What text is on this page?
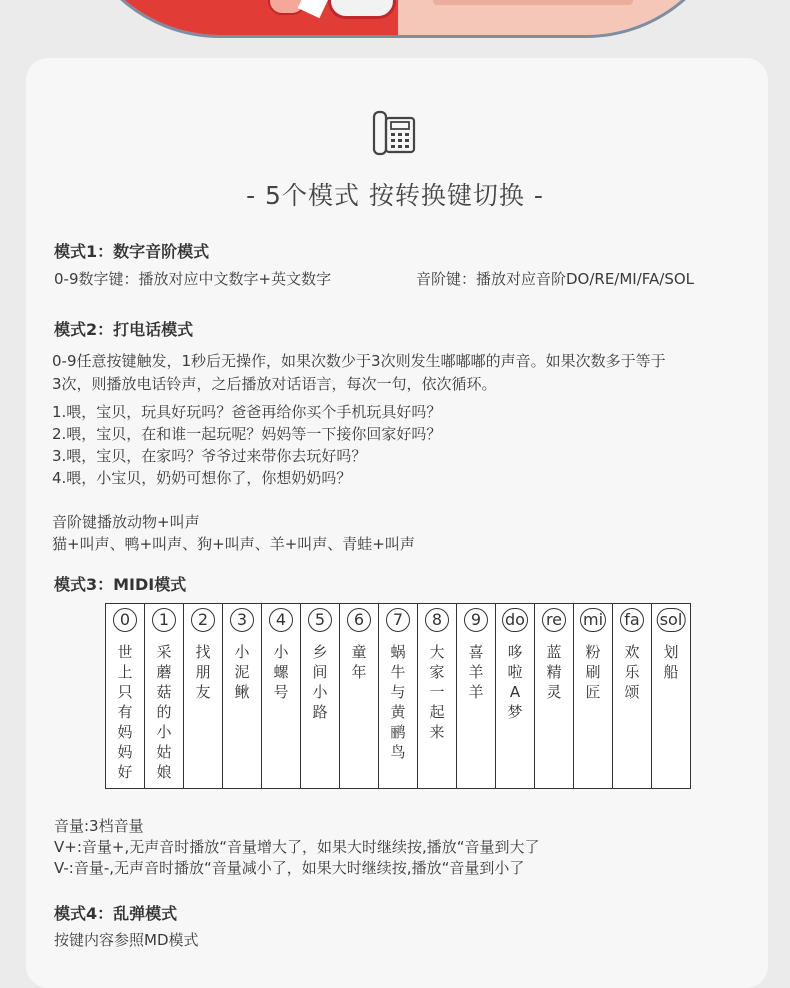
- 5个模式 按转换键切换 -
模式1：数字音阶模式
0-9数字键：播放对应中文数字+英文数字	音阶键：播放对应音阶DO/RE/MI/FA/SOL
模式2：打电话模式
0-9任意按键触发，1秒后无操作，如果次数少于3次则发生嘟嘟嘟的声音。如果次数多于等于
3次，则播放电话铃声，之后播放对话语言，每次一句，依次循环。
1.喂，宝贝，玩具好玩吗？爸爸再给你买个手机玩具好吗？
2.喂，宝贝，在和谁一起玩呢？妈妈等一下接你回家好吗？
3.喂，宝贝，在家吗？爷爷过来带你去玩好吗？
4.喂，小宝贝，奶奶可想你了，你想奶奶吗？
音阶键播放动物+叫声
猫+叫声、鸭+叫声、狗+叫声、羊+叫声、青蛙+叫声
模式3：MIDI模式
0
世上只有妈妈好
1
采蘑菇的小姑娘
2
找朋友
3
小泥鳅
4
小螺号
5
乡间小路
6
童年
7
蜗牛与黄鹂鸟
8
大家一起来
9
喜羊羊
do
哆啦A梦
re
蓝精灵
mi
粉刷匠
fa
欢乐颂
sol
划船
音量:3档音量
V+:音量+,无声音时播放“音量增大了，如果大时继续按,播放“音量到大了
V-:音量-,无声音时播放“音量减小了，如果大时继续按,播放“音量到小了
模式4：乱弹模式
按键内容参照MD模式
